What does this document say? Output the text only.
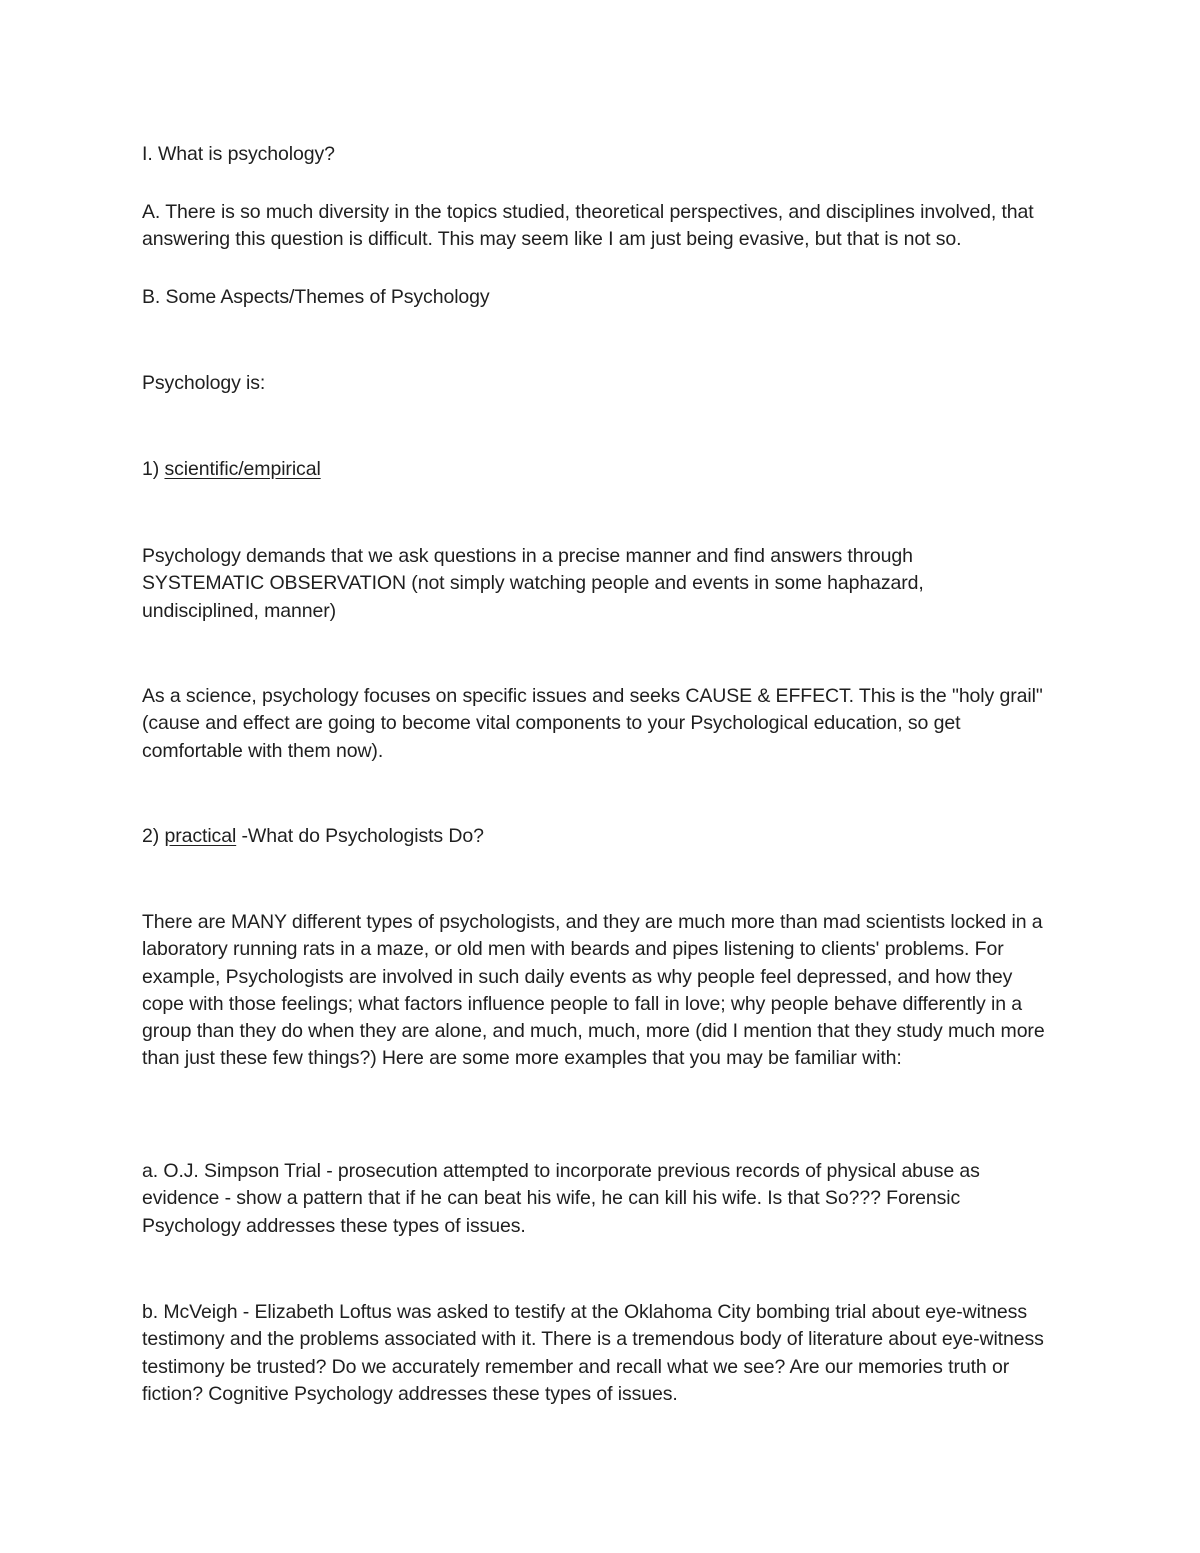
I. What is psychology?

A. There is so much diversity in the topics studied, theoretical perspectives, and disciplines involved, that answering this question is difficult. This may seem like I am just being evasive, but that is not so.

B. Some Aspects/Themes of Psychology

Psychology is:

1) scientific/empirical

Psychology demands that we ask questions in a precise manner and find answers through SYSTEMATIC OBSERVATION (not simply watching people and events in some haphazard, undisciplined, manner)

As a science, psychology focuses on specific issues and seeks CAUSE & EFFECT. This is the "holy grail" (cause and effect are going to become vital components to your Psychological education, so get comfortable with them now).

2) practical -What do Psychologists Do?

There are MANY different types of psychologists, and they are much more than mad scientists locked in a laboratory running rats in a maze, or old men with beards and pipes listening to clients' problems. For example, Psychologists are involved in such daily events as why people feel depressed, and how they cope with those feelings; what factors influence people to fall in love; why people behave differently in a group than they do when they are alone, and much, much, more (did I mention that they study much more than just these few things?) Here are some more examples that you may be familiar with:

a. O.J. Simpson Trial - prosecution attempted to incorporate previous records of physical abuse as evidence - show a pattern that if he can beat his wife, he can kill his wife. Is that So??? Forensic Psychology addresses these types of issues.

b. McVeigh - Elizabeth Loftus was asked to testify at the Oklahoma City bombing trial about eye-witness testimony and the problems associated with it. There is a tremendous body of literature about eye-witness testimony be trusted? Do we accurately remember and recall what we see? Are our memories truth or fiction? Cognitive Psychology addresses these types of issues.
